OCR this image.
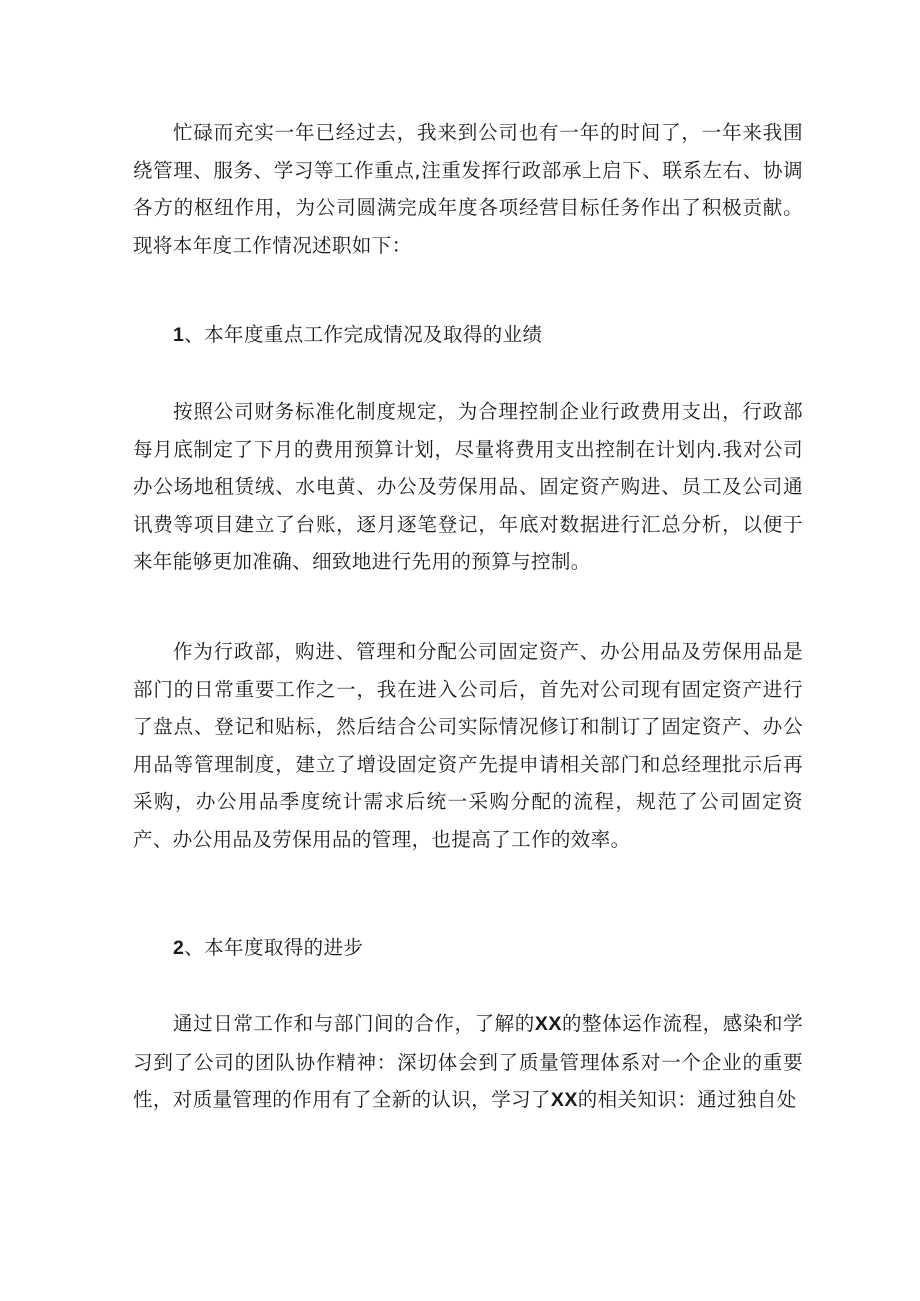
忙碌而充实一年已经过去，我来到公司也有一年的时间了，一年来我围绕管理、服务、学习等工作重点,注重发挥行政部承上启下、联系左右、协调各方的枢纽作用，为公司圆满完成年度各项经营目标任务作出了积极贡献。现将本年度工作情况述职如下：

1、本年度重点工作完成情况及取得的业绩

按照公司财务标准化制度规定，为合理控制企业行政费用支出，行政部每月底制定了下月的费用预算计划，尽量将费用支出控制在计划内.我对公司办公场地租赁绒、水电黄、办公及劳保用品、固定资产购进、员工及公司通讯费等项目建立了台账，逐月逐笔登记，年底对数据进行汇总分析，以便于来年能够更加准确、细致地进行先用的预算与控制。

作为行政部，购进、管理和分配公司固定资产、办公用品及劳保用品是部门的日常重要工作之一，我在进入公司后，首先对公司现有固定资产进行了盘点、登记和贴标，然后结合公司实际情况修订和制订了固定资产、办公用品等管理制度，建立了增设固定资产先提申请相关部门和总经理批示后再采购，办公用品季度统计需求后统一采购分配的流程，规范了公司固定资产、办公用品及劳保用品的管理，也提高了工作的效率。

2、本年度取得的进步

通过日常工作和与部门间的合作，了解的XX的整体运作流程，感染和学习到了公司的团队协作精神：深切体会到了质量管理体系对一个企业的重要性，对质量管理的作用有了全新的认识，学习了XX的相关知识：通过独自处
